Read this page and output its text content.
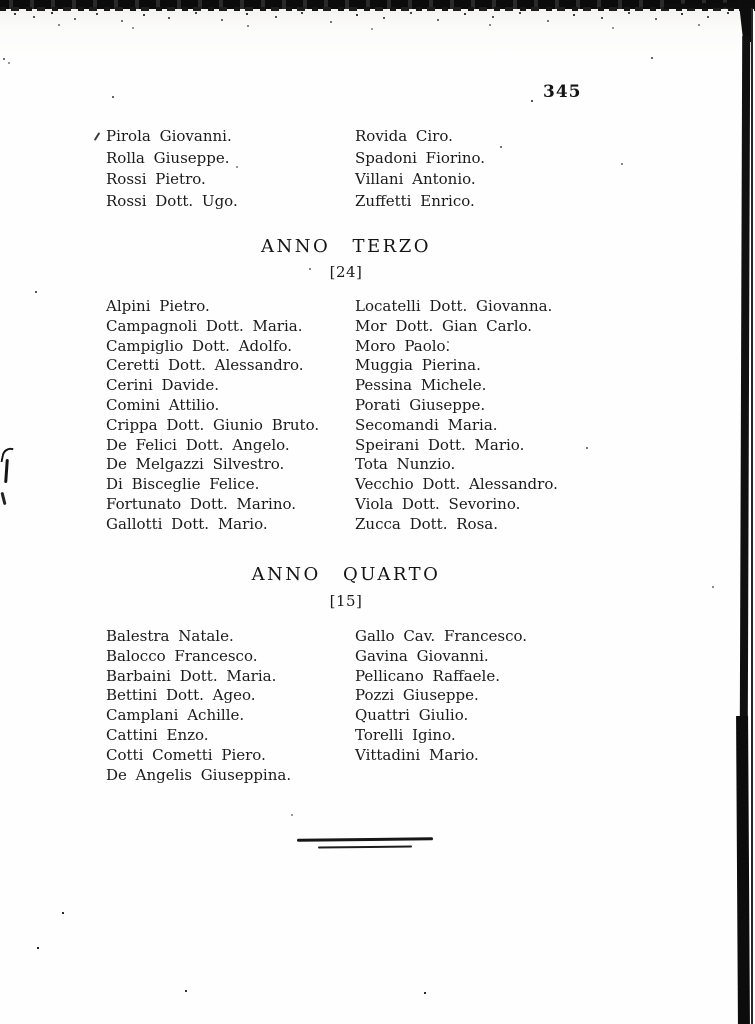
345
Pirola Giovanni.
Rolla Giuseppe.
Rossi Pietro.
Rossi Dott. Ugo.
Rovida Ciro.
Spadoni Fiorino.
Villani Antonio.
Zuffetti Enrico.
ANNO TERZO
[24]
Alpini Pietro.
Campagnoli Dott. Maria.
Campiglio Dott. Adolfo.
Ceretti Dott. Alessandro.
Cerini Davide.
Comini Attilio.
Crippa Dott. Giunio Bruto.
De Felici Dott. Angelo.
De Melgazzi Silvestro.
Di Bisceglie Felice.
Fortunato Dott. Marino.
Gallotti Dott. Mario.
Locatelli Dott. Giovanna.
Mor Dott. Gian Carlo.
Moro Paolo.
Muggia Pierina.
Pessina Michele.
Porati Giuseppe.
Secomandi Maria.
Speirani Dott. Mario.
Tota Nunzio.
Vecchio Dott. Alessandro.
Viola Dott. Sevorino.
Zucca Dott. Rosa.
ANNO QUARTO
[15]
Balestra Natale.
Balocco Francesco.
Barbaini Dott. Maria.
Bettini Dott. Ageo.
Camplani Achille.
Cattini Enzo.
Cotti Cometti Piero.
De Angelis Giuseppina.
Gallo Cav. Francesco.
Gavina Giovanni.
Pellicano Raffaele.
Pozzi Giuseppe.
Quattri Giulio.
Torelli Igino.
Vittadini Mario.
